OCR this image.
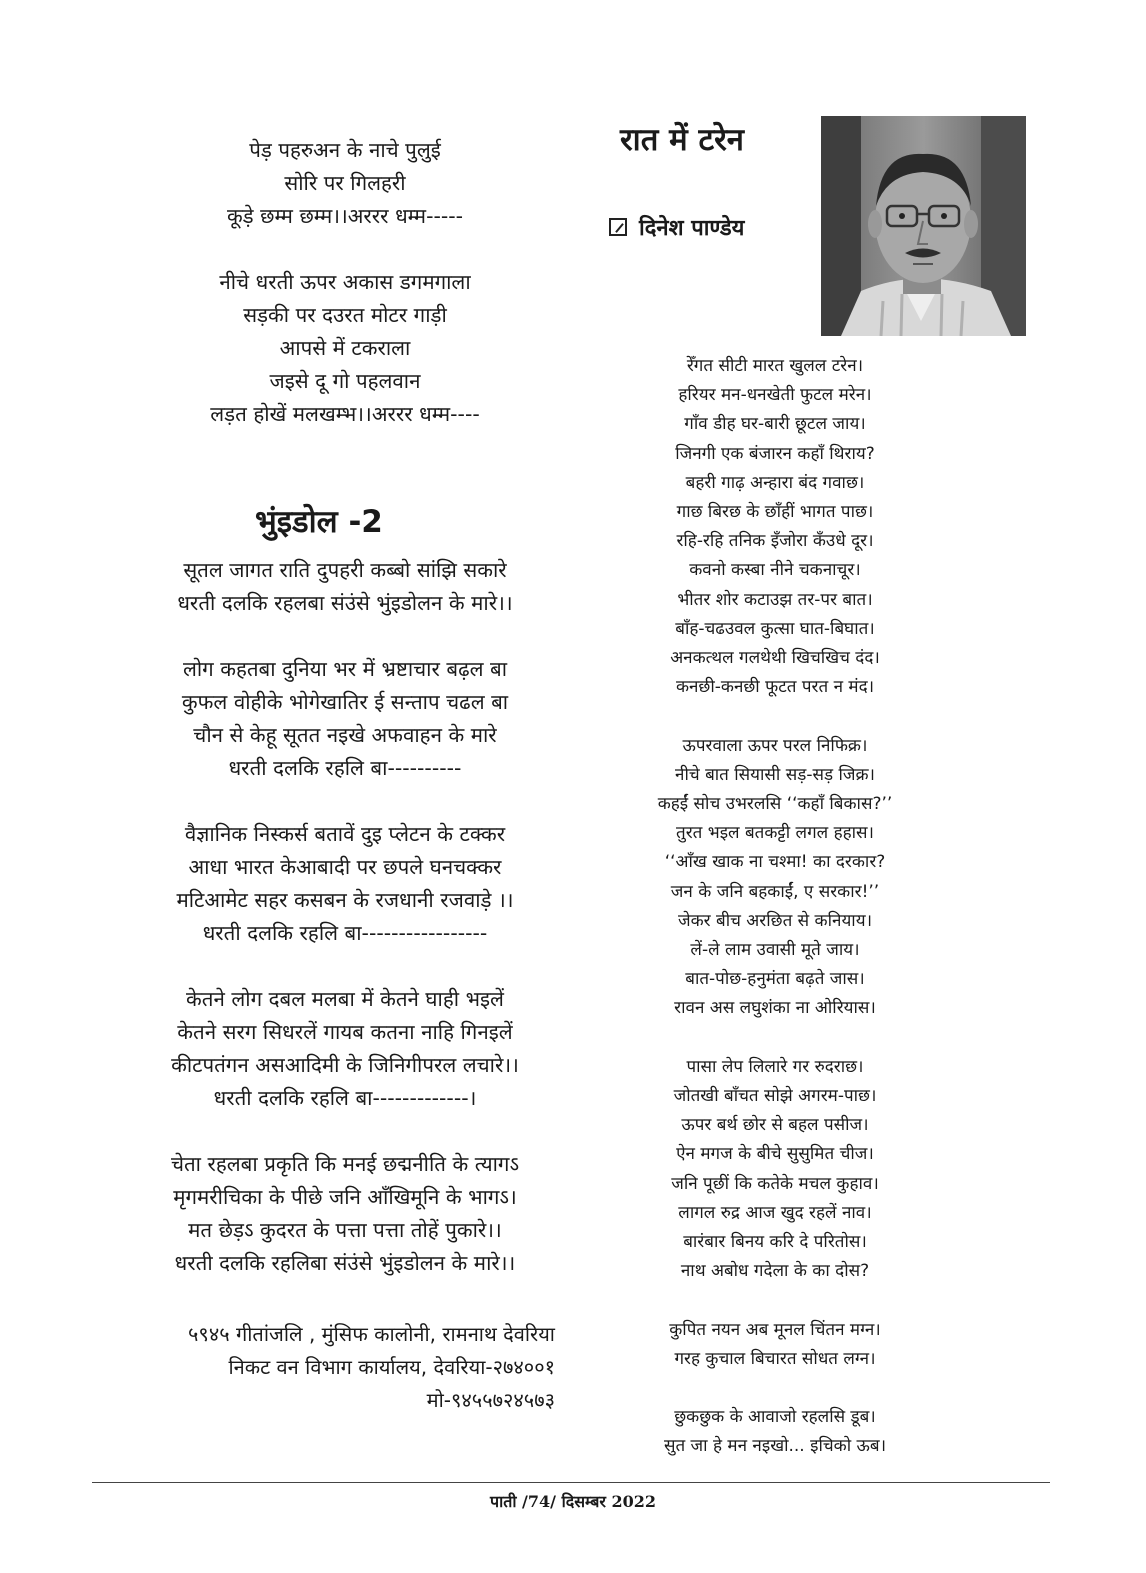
पेड़ पहरुअन के नाचे पुलुई
सोरि पर गिलहरी
कूड़े छम्म छम्म।।अररर धम्म-----
नीचे धरती ऊपर अकास डगमगाला
सड़की पर दउरत मोटर गाड़ी
आपसे में टकराला
जइसे दू गो पहलवान
लड़त होखें मलखम्भ।।अररर धम्म----
भुंइडोल -2
सूतल जागत राति दुपहरी कब्बो सांझि सकारे
धरती दलकि रहलबा संउंसे भुंइडोलन के मारे।।
लोग कहतबा दुनिया भर में भ्रष्टाचार बढ़ल बा
कुफल वोहीके भोगेखातिर ई सन्ताप चढल बा
चौन से केहू सूतत नइखे अफवाहन के मारे
धरती दलकि रहलि बा----------
वैज्ञानिक निस्कर्स बतावें दुइ प्लेटन के टक्कर
आधा भारत केआबादी पर छपले घनचक्कर
मटिआमेट सहर कसबन के रजधानी रजवाड़े ।।
धरती दलकि रहलि बा-----------------
केतने लोग दबल मलबा में केतने घाही भइलें
केतने सरग सिधरलें गायब कतना नाहि गिनइलें
कीटपतंगन असआदिमी के जिनिगीपरल लचारे।।
धरती दलकि रहलि बा-------------।
चेता रहलबा प्रकृति कि मनई छद्मनीति के त्यागऽ
मृगमरीचिका के पीछे जनि आँखिमूनि के भागऽ।
मत छेड़ऽ कुदरत के पत्ता पत्ता तोहें पुकारे।।
धरती दलकि रहलिबा संउंसे भुंइडोलन के मारे।।
५९४५ गीतांजलि , मुंसिफ कालोनी, रामनाथ देवरिया
निकट वन विभाग कार्यालय, देवरिया-२७४००१
मो-९४५५७२४५७३
रात में टरेन
दिनेश पाण्डेय
रेँगत सीटी मारत खुलल टरेन।
हरियर मन-धनखेती फुटल मरेन।
गाँव डीह घर-बारी छूटल जाय।
जिनगी एक बंजारन कहाँ थिराय?
बहरी गाढ़ अन्हारा बंद गवाछ।
गाछ बिरछ के छाँहीं भागत पाछ।
रहि-रहि तनिक इँजोरा कँउधे दूर।
कवनो कस्बा नीने चकनाचूर।
भीतर शोर कटाउझ तर-पर बात।
बाँह-चढउवल कुत्सा घात-बिघात।
अनकत्थल गलथेथी खिचखिच दंद।
कनछी-कनछी फूटत परत न मंद।
ऊपरवाला ऊपर परल निफिक्र।
नीचे बात सियासी सड़-सड़ जिक्र।
कहईं सोच उभरलसि ‘‘कहाँ बिकास?’’
तुरत भइल बतकट्टी लगल हहास।
‘‘आँख खाक ना चश्मा! का दरकार?
जन के जनि बहकाईं, ए सरकार!’’
जेकर बीच अरछित से कनियाय।
लें-ले लाम उवासी मूते जाय।
बात-पोछ-हनुमंता बढ़ते जास।
रावन अस लघुशंका ना ओरियास।
पासा लेप लिलारे गर रुदराछ।
जोतखी बाँचत सोझे अगरम-पाछ।
ऊपर बर्थ छोर से बहल पसीज।
ऐन मगज के बीचे सुसुमित चीज।
जनि पूछीं कि कतेके मचल कुहाव।
लागल रुद्र आज खुद रहलें नाव।
बारंबार बिनय करि दे परितोस।
नाथ अबोध गदेला के का दोस?
कुपित नयन अब मूनल चिंतन मग्न।
गरह कुचाल बिचारत सोधत लग्न।
छुकछुक के आवाजो रहलसि डूब।
सुत जा हे मन नइखो... इचिको ऊब।
पाती /74/ दिसम्बर 2022
